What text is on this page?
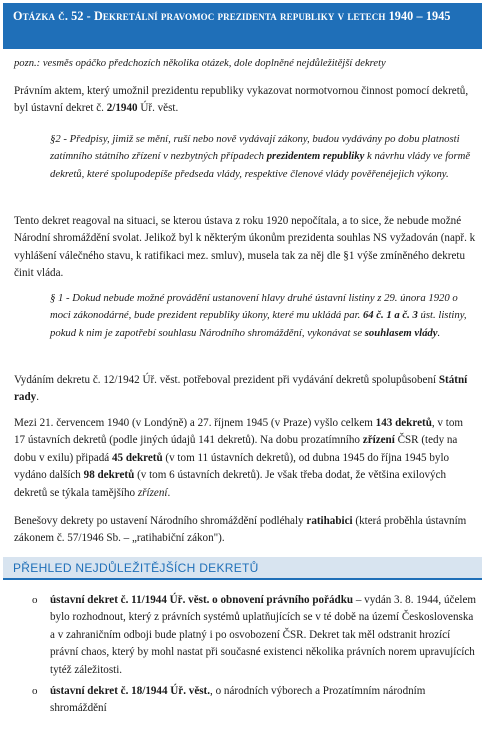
Otázka č. 52 - Dekretální pravomoc prezidenta republiky v letech 1940 – 1945
pozn.: vesměs opáčko předchozích několika otázek, dole doplněné nejdůležitější dekrety
Právním aktem, který umožnil prezidentu republiky vykazovat normotvornou činnost pomocí dekretů, byl ústavní dekret č. 2/1940 Úř. věst.
§2 - Předpisy, jimiž se mění, ruší nebo nově vydávají zákony, budou vydávány po dobu platnosti zatímního státního zřízení v nezbytných případech prezidentem republiky k návrhu vlády ve formě dekretů, které spolupodepíše předseda vlády, respektive členové vlády pověřenéjejich výkony.
Tento dekret reagoval na situaci, se kterou ústava z roku 1920 nepočítala, a to sice, že nebude možné Národní shromáždění svolat. Jelikož byl k některým úkonům prezidenta souhlas NS vyžadován (např. k vyhlášení válečného stavu, k ratifikaci mez. smluv), musela tak za něj dle §1 výše zmíněného dekretu činit vláda.
§ 1 - Dokud nebude možné provádění ustanovení hlavy druhé ústavní listiny z 29. února 1920 o moci zákonodárné, bude prezident republiky úkony, které mu ukládá par. 64 č. 1 a č. 3 úst. listiny, pokud k nim je zapotřebí souhlasu Národního shromáždění, vykonávat se souhlasem vlády.
Vydáním dekretu č. 12/1942 Úř. věst. potřeboval prezident při vydávání dekretů spolupůsobení Státní rady.
Mezi 21. červencem 1940 (v Londýně) a 27. říjnem 1945 (v Praze) vyšlo celkem 143 dekretů, v tom 17 ústavních dekretů (podle jiných údajů 141 dekretů). Na dobu prozatímního zřízení ČSR (tedy na dobu v exilu) připadá 45 dekretů (v tom 11 ústavních dekretů), od dubna 1945 do října 1945 bylo vydáno dalších 98 dekretů (v tom 6 ústavních dekretů). Je však třeba dodat, že většina exilových dekretů se týkala tamějšího zřízení.
Benešovy dekrety po ustavení Národního shromáždění podléhaly ratihabici (která proběhla ústavním zákonem č. 57/1946 Sb. – „ratihabiční zákon").
PŘEHLED NEJDŮLEŽITĚJŠÍCH DEKRETŮ
o ústavní dekret č. 11/1944 Úř. věst. o obnovení právního pořádku – vydán 3. 8. 1944, účelem bylo rozhodnout, který z právních systémů uplatňujících se v té době na území Československa a v zahraničním odboji bude platný i po osvobození ČSR. Dekret tak měl odstranit hrozící právní chaos, který by mohl nastat při současné existenci několika právních norem upravujících tytéž záležitosti.
o ústavní dekret č. 18/1944 Úř. věst., o národních výborech a Prozatímním národním shromáždění
